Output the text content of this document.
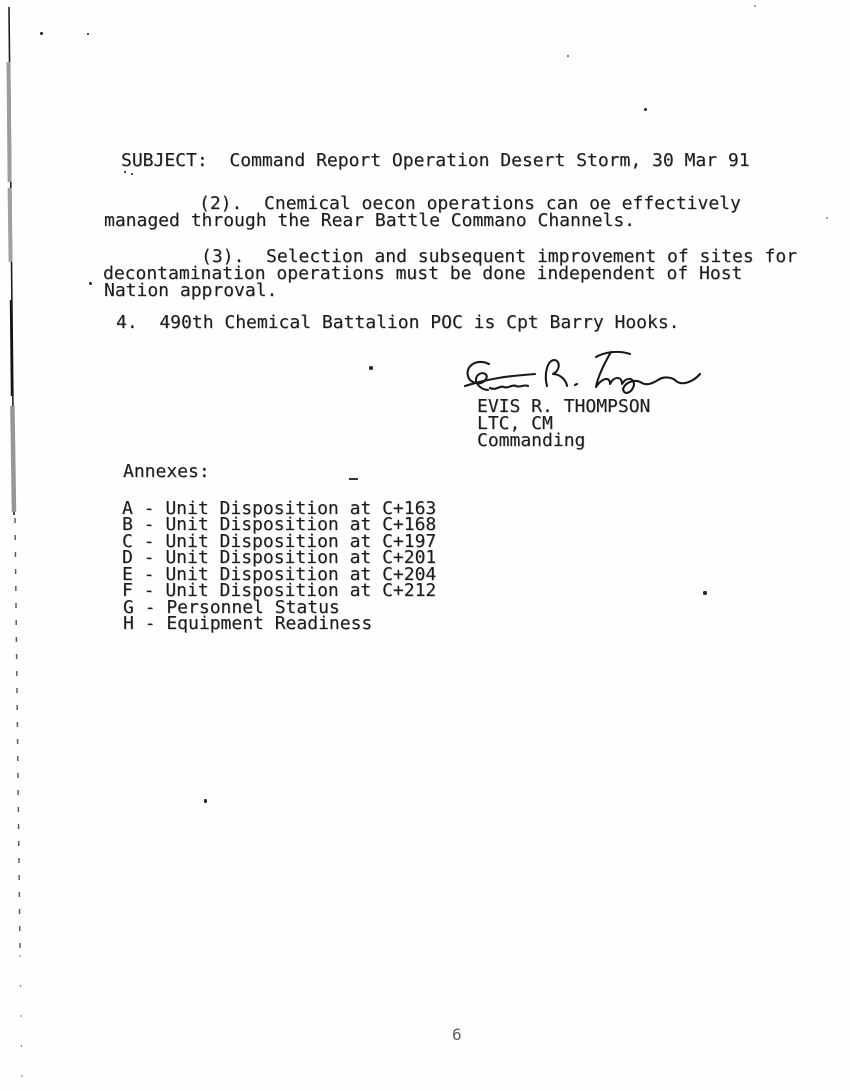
SUBJECT:  Command Report Operation Desert Storm, 30 Mar 91
(2).  Cnemical oecon operations can oe effectively
managed through the Rear Battle Commano Channels.
(3).  Selection and subsequent improvement of sites for
decontamination operations must be done independent of Host
Nation approval.
4.  490th Chemical Battalion POC is Cpt Barry Hooks.
EVIS R. THOMPSON
LTC, CM
Commanding
Annexes:
A - Unit Disposition at C+163
B - Unit Disposition at C+168
C - Unit Disposition at C+197
D - Unit Disposition at C+201
E - Unit Disposition at C+204
F - Unit Disposition at C+212
G - Personnel Status
H - Equipment Readiness
6
